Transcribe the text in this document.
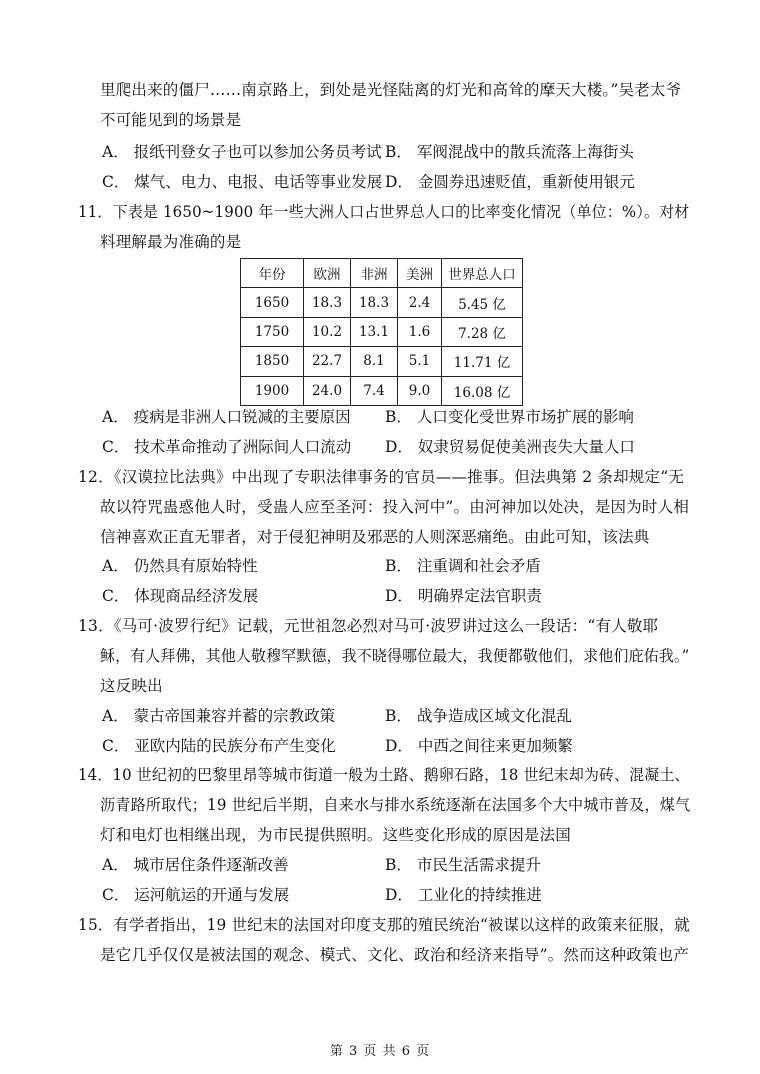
里爬出来的僵尸……南京路上，到处是光怪陆离的灯光和高耸的摩天大楼。”吴老太爷
不可能见到的场景是
A． 报纸刊登女子也可以参加公务员考试 B． 军阀混战中的散兵流落上海街头
C． 煤气、电力、电报、电话等事业发展 D． 金圆券迅速贬值，重新使用银元
11．下表是 1650~1900 年一些大洲人口占世界总人口的比率变化情况（单位：%）。对材
料理解最为准确的是
年份	欧洲	非洲	美洲	世界总人口
1650	18.3	18.3	2.4	5.45 亿
1750	10.2	13.1	1.6	7.28 亿
1850	22.7	8.1	5.1	11.71 亿
1900	24.0	7.4	9.0	16.08 亿
A． 疫病是非洲人口锐减的主要原因 B． 人口变化受世界市场扩展的影响
C． 技术革命推动了洲际间人口流动 D． 奴隶贸易促使美洲丧失大量人口
12．《汉谟拉比法典》中出现了专职法律事务的官员——推事。但法典第 2 条却规定“无
故以符咒蛊惑他人时，受蛊人应至圣河：投入河中”。由河神加以处决，是因为时人相
信神喜欢正直无罪者，对于侵犯神明及邪恶的人则深恶痛绝。由此可知，该法典
A． 仍然具有原始特性	B． 注重调和社会矛盾
C． 体现商品经济发展	D． 明确界定法官职责
13．《马可·波罗行纪》记载，元世祖忽必烈对马可·波罗讲过这么一段话：“有人敬耶
稣，有人拜佛，其他人敬穆罕默德，我不晓得哪位最大，我便都敬他们，求他们庇佑我。”
这反映出
A． 蒙古帝国兼容并蓄的宗教政策	B． 战争造成区域文化混乱
C． 亚欧内陆的民族分布产生变化	D． 中西之间往来更加频繁
14．10 世纪初的巴黎里昂等城市街道一般为土路、鹅卵石路，18 世纪末却为砖、混凝土、
沥青路所取代；19 世纪后半期，自来水与排水系统逐渐在法国多个大中城市普及，煤气
灯和电灯也相继出现，为市民提供照明。这些变化形成的原因是法国
A． 城市居住条件逐渐改善	B． 市民生活需求提升
C． 运河航运的开通与发展	D． 工业化的持续推进
15．有学者指出，19 世纪末的法国对印度支那的殖民统治“被谋以这样的政策来征服，就
是它几乎仅仅是被法国的观念、模式、文化、政治和经济来指导”。然而这种政策也产
第 3 页 共 6 页
